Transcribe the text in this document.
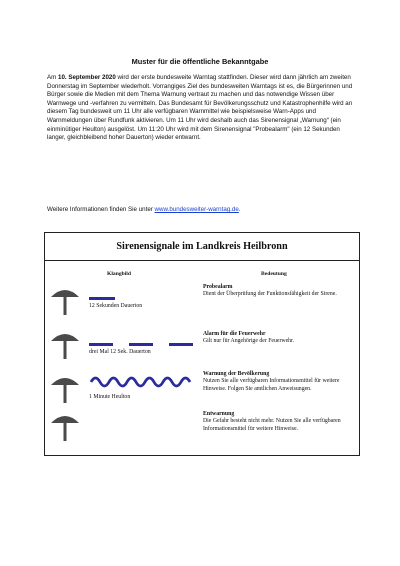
Muster für die öffentliche Bekanntgabe
Am 10. September 2020 wird der erste bundesweite Warntag stattfinden. Dieser wird dann jährlich am zweiten Donnerstag im September wiederholt. Vorrangiges Ziel des bundesweiten Warntags ist es, die Bürgerinnen und Bürger sowie die Medien mit dem Thema Warnung vertraut zu machen und das notwendige Wissen über Warnwege und -verfahren zu vermitteln. Das Bundesamt für Bevölkerungsschutz und Katastrophenhilfe wird an diesem Tag bundesweit um 11 Uhr alle verfügbaren Warnmittel wie beispielsweise Warn-Apps und Warnmeldungen über Rundfunk aktivieren. Um 11 Uhr wird deshalb auch das Sirenensignal „Warnung“ (ein einminütiger Heulton) ausgelöst. Um 11:20 Uhr wird mit dem Sirenensignal "Probealarm" (ein 12 Sekunden langer, gleichbleibend hoher Dauerton) wieder entwarnt.
Weitere Informationen finden Sie unter www.bundesweiter-warntag.de.
Sirenensignale im Landkreis Heilbronn
Klangbild	Bedeutung
12 Sekunden Dauerton
Probealarm
Dient der Überprüfung der Funktionsfähigkeit der Sirene.
drei Mal 12 Sek. Dauerton
Alarm für die Feuerwehr
Gilt nur für Angehörige der Feuerwehr.
1 Minute Heulton
Warnung der Bevölkerung
Nutzen Sie alle verfügbaren Informationsmittel für weitere Hinweise. Folgen Sie amtlichen Anweisungen.
Entwarnung
Die Gefahr besteht nicht mehr. Nutzen Sie alle verfügbaren Informationsmittel für weitere Hinweise.
